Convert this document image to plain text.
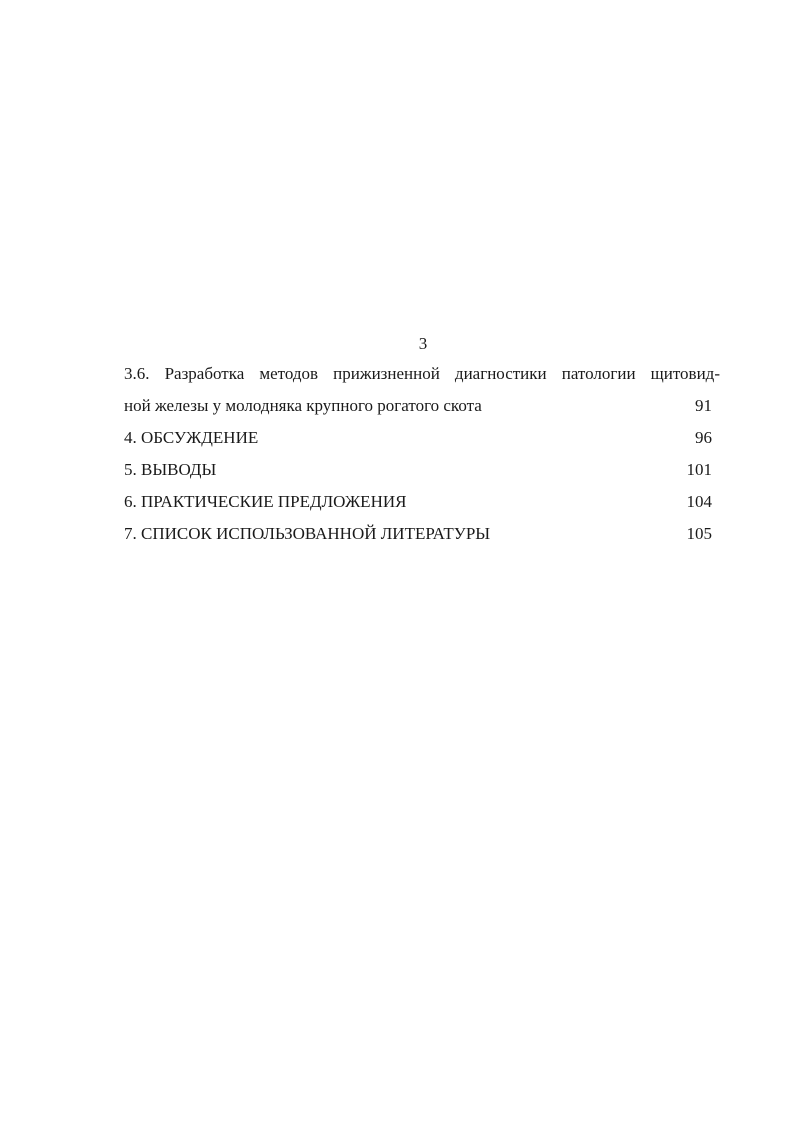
3
3.6. Разработка методов прижизненной диагностики патологии щитовид-
ной железы у молодняка крупного рогатого скота	91
4. ОБСУЖДЕНИЕ	96
5. ВЫВОДЫ	101
6. ПРАКТИЧЕСКИЕ ПРЕДЛОЖЕНИЯ	104
7. СПИСОК ИСПОЛЬЗОВАННОЙ ЛИТЕРАТУРЫ	105
